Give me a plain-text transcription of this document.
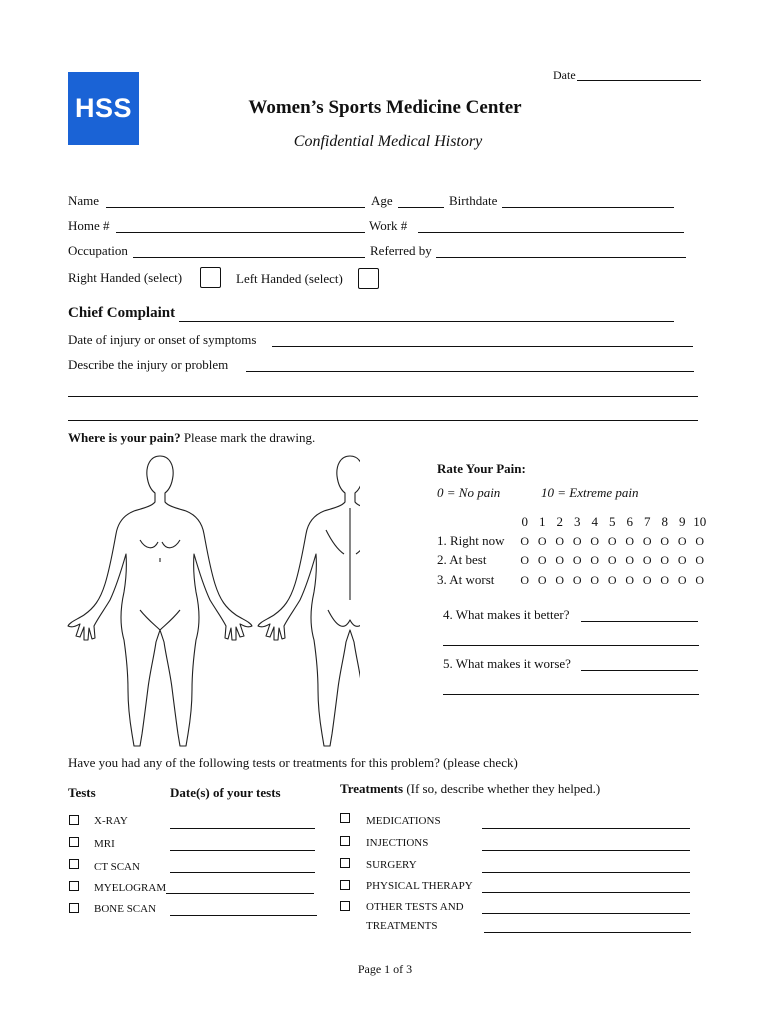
Date
HSS	Women’s Sports Medicine Center
Confidential Medical History
Name	Age	Birthdate
Home #	Work #
Occupation	Referred by
Right Handed (select)	Left Handed (select)
Chief Complaint
Date of injury or onset of symptoms
Describe the injury or problem
Where is your pain? Please mark the drawing.
Rate Your Pain:
0 = No pain	10 = Extreme pain
0 1 2 3 4 5 6 7 8 9 10
1. Right now	O O O O O O O O O O O
2. At best	O O O O O O O O O O O
3. At worst	O O O O O O O O O O O
4. What makes it better?
5. What makes it worse?
Have you had any of the following tests or treatments for this problem? (please check)
Tests	Date(s) of your tests	Treatments (If so, describe whether they helped.)
X-RAY
MRI
CT SCAN
MYELOGRAM
BONE SCAN
MEDICATIONS
INJECTIONS
SURGERY
PHYSICAL THERAPY
OTHER TESTS AND
TREATMENTS
Page 1 of 3
